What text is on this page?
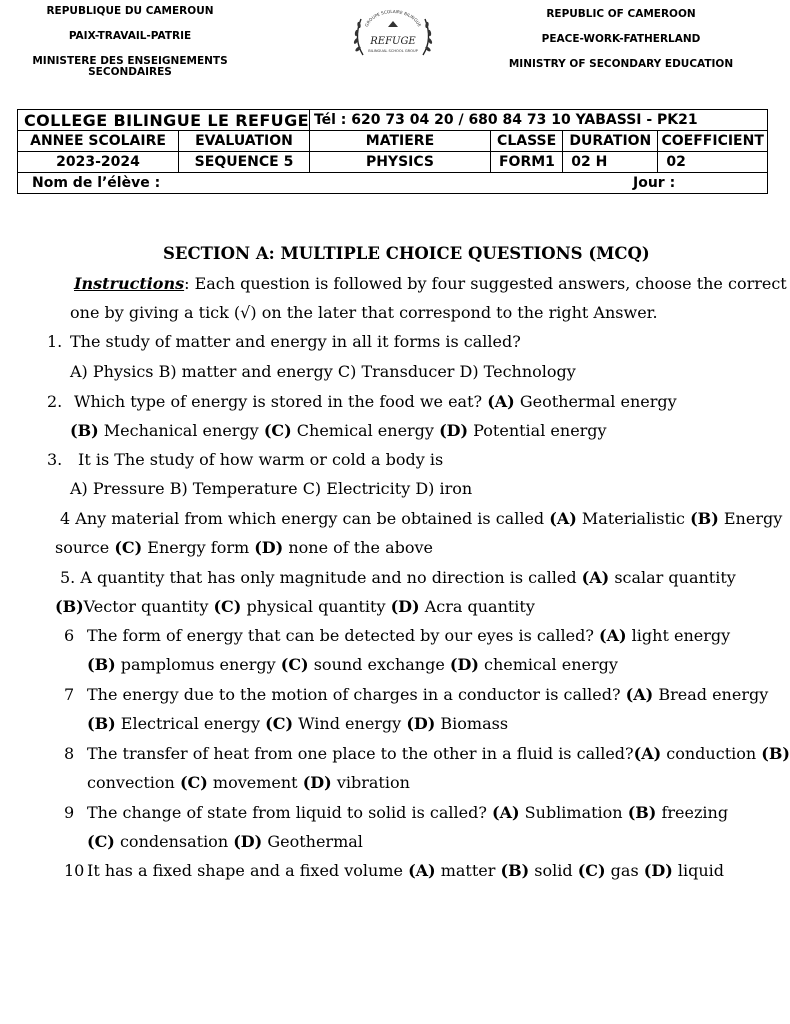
REPUBLIQUE DU CAMEROUN
PAIX-TRAVAIL-PATRIE
MINISTERE DES ENSEIGNEMENTS
SECONDAIRES
GROUPE SCOLAIRE BILINGUE
REFUGE
BILINGUAL SCHOOL GROUP
REPUBLIC OF CAMEROON
PEACE-WORK-FATHERLAND
MINISTRY OF SECONDARY EDUCATION
COLLEGE BILINGUE LE REFUGE		Tél : 620 73 04 20 / 680 84 73 10 YABASSI - PK21			
ANNEE SCOLAIRE	EVALUATION	MATIERE	CLASSE	DURATION	COEFFICIENT
2023-2024	SEQUENCE 5	PHYSICS	FORM1	02 H	02
Nom de l’élève : Jour :					
SECTION A: MULTIPLE CHOICE QUESTIONS (MCQ)
Instructions: Each question is followed by four suggested answers, choose the correct
one by giving a tick (√) on the later that correspond to the right Answer.
1. The study of matter and energy in all it forms is called?
A) Physics B) matter and energy C) Transducer D) Technology
2. Which type of energy is stored in the food we eat? (A) Geothermal energy
(B) Mechanical energy (C) Chemical energy (D) Potential energy
3. It is The study of how warm or cold a body is
A) Pressure B) Temperature C) Electricity D) iron
4 Any material from which energy can be obtained is called (A) Materialistic (B) Energy
source (C) Energy form (D) none of the above
5. A quantity that has only magnitude and no direction is called (A) scalar quantity
(B)Vector quantity (C) physical quantity (D) Acra quantity
6 The form of energy that can be detected by our eyes is called? (A) light energy
(B) pamplomus energy (C) sound exchange (D) chemical energy
7 The energy due to the motion of charges in a conductor is called? (A) Bread energy
(B) Electrical energy (C) Wind energy (D) Biomass
8 The transfer of heat from one place to the other in a fluid is called?(A) conduction (B)
convection (C) movement (D) vibration
9 The change of state from liquid to solid is called? (A) Sublimation (B) freezing
(C) condensation (D) Geothermal
10 It has a fixed shape and a fixed volume (A) matter (B) solid (C) gas (D) liquid
